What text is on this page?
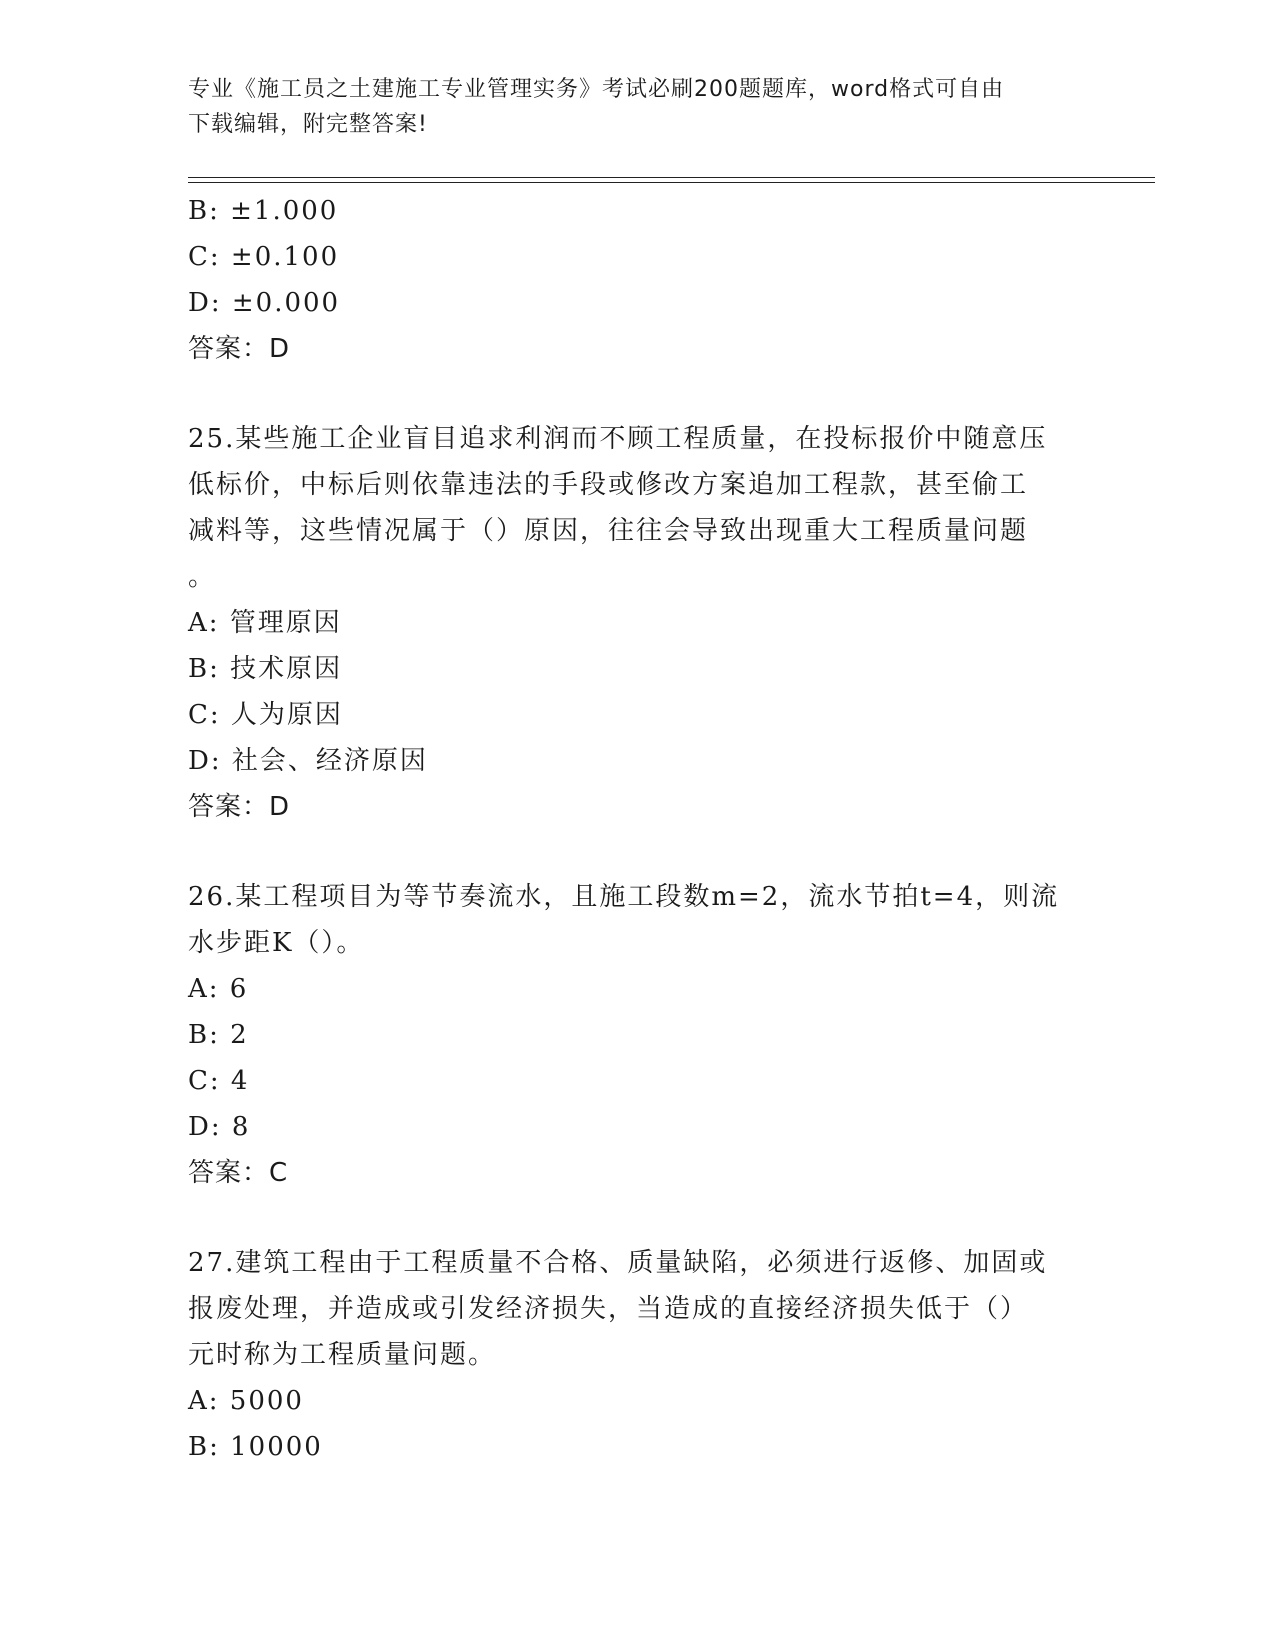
专业《施工员之土建施工专业管理实务》考试必刷200题题库，word格式可自由
下载编辑，附完整答案!
B: ±1.000
C: ±0.100
D: ±0.000
答案：D
25.某些施工企业盲目追求利润而不顾工程质量，在投标报价中随意压
低标价，中标后则依靠违法的手段或修改方案追加工程款，甚至偷工
减料等，这些情况属于（）原因，往往会导致出现重大工程质量问题
。
A: 管理原因
B: 技术原因
C: 人为原因
D: 社会、经济原因
答案：D
26.某工程项目为等节奏流水，且施工段数m=2，流水节拍t=4，则流
水步距K（）。
A: 6
B: 2
C: 4
D: 8
答案：C
27.建筑工程由于工程质量不合格、质量缺陷，必须进行返修、加固或
报废处理，并造成或引发经济损失，当造成的直接经济损失低于（）
元时称为工程质量问题。
A: 5000
B: 10000
